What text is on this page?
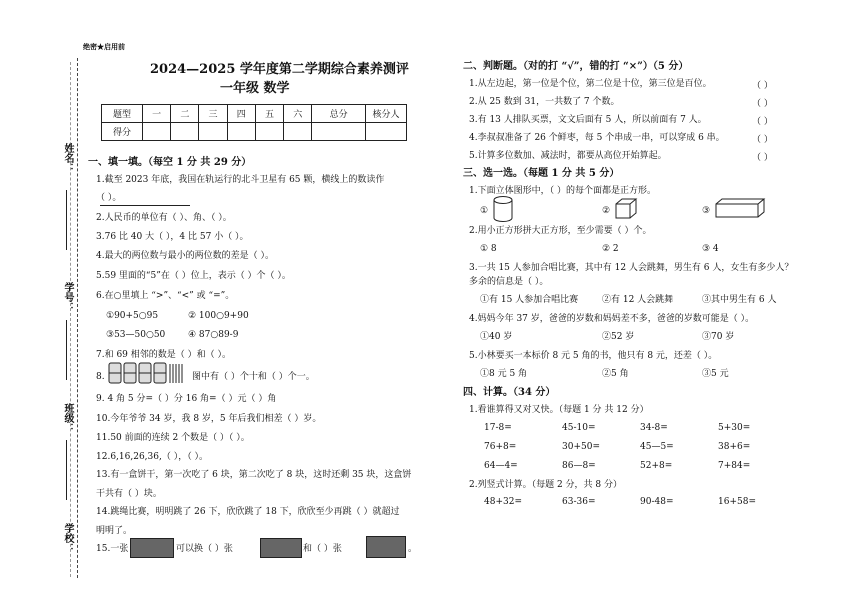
绝密★启用前
姓名：
学号：
班级：
学校：
2024—2025 学年度第二学期综合素养测评
一年级 数学
题型	一	二	三	四	五	六	总分	核分人
得分								
一、填一填。（每空 1 分 共 29 分）
1.截至 2023 年底，我国在轨运行的北斗卫星有 65 颗，横线上的数读作
（ ）。
2.人民币的单位有（ ）、角、（ ）。
3.76 比 40 大（ ），4 比 57 小（ ）。
4.最大的两位数与最小的两位数的差是（ ）。
5.59 里面的“5”在（ ）位上，表示（ ）个（ ）。
6.在○里填上 “>”、“<” 或 “=”。
①90+5○95	② 100○9+90
③53—50○50	④ 87○89-9
7.和 69 相邻的数是（ ）和（ ）。
8.	图中有（ ）个十和（ ）个一。
9. 4 角 5 分=（ ）分 16 角=（ ）元（ ）角
10.今年爷爷 34 岁，我 8 岁，5 年后我们相差（ ）岁。
11.50 前面的连续 2 个数是（ ）（ ）。
12.6,16,26,36,（ ），（ ）。
13.有一盒饼干，第一次吃了 6 块，第二次吃了 8 块，这时还剩 35 块，这盒饼
干共有（ ）块。
14.跳绳比赛，明明跳了 26 下，欣欣跳了 18 下，欣欣至少再跳（ ）就超过
明明了。
15.一张	可以换（ ）张	和（ ）张	。
二、判断题。（对的打 “√”，错的打 “×”）（5 分）
1.从左边起，第一位是个位，第二位是十位，第三位是百位。	（ ）
2.从 25 数到 31，一共数了 7 个数。	（ ）
3.有 13 人排队买票，文文后面有 5 人，所以前面有 7 人。	（ ）
4.李叔叔准备了 26 个鲜枣，每 5 个串成一串，可以穿成 6 串。	（ ）
5.计算多位数加、减法时，都要从高位开始算起。	（ ）
三、选一选。（每题 1 分 共 5 分）
1.下面立体图形中，（ ）的每个面都是正方形。
①	②	③
2.用小正方形拼大正方形，至少需要（ ）个。
① 8	② 2	③ 4
3.一共 15 人参加合唱比赛，其中有 12 人会跳舞，男生有 6 人，女生有多少人？
多余的信息是（ ）。
①有 15 人参加合唱比赛	②有 12 人会跳舞	③其中男生有 6 人
4.妈妈今年 37 岁，爸爸的岁数和妈妈差不多，爸爸的岁数可能是（ ）。
①40 岁	②52 岁	③70 岁
5.小林要买一本标价 8 元 5 角的书，他只有 8 元，还差（ ）。
①8 元 5 角	②5 角	③5 元
四、计算。（34 分）
1.看谁算得又对又快。（每题 1 分 共 12 分）
17-8=	45-10=	34-8=	5+30=
76+8=	30+50=	45—5=	38+6=
64—4=	86—8=	52+8=	7+84=
2.列竖式计算。（每题 2 分，共 8 分）
48+32=	63-36=	90-48=	16+58=
